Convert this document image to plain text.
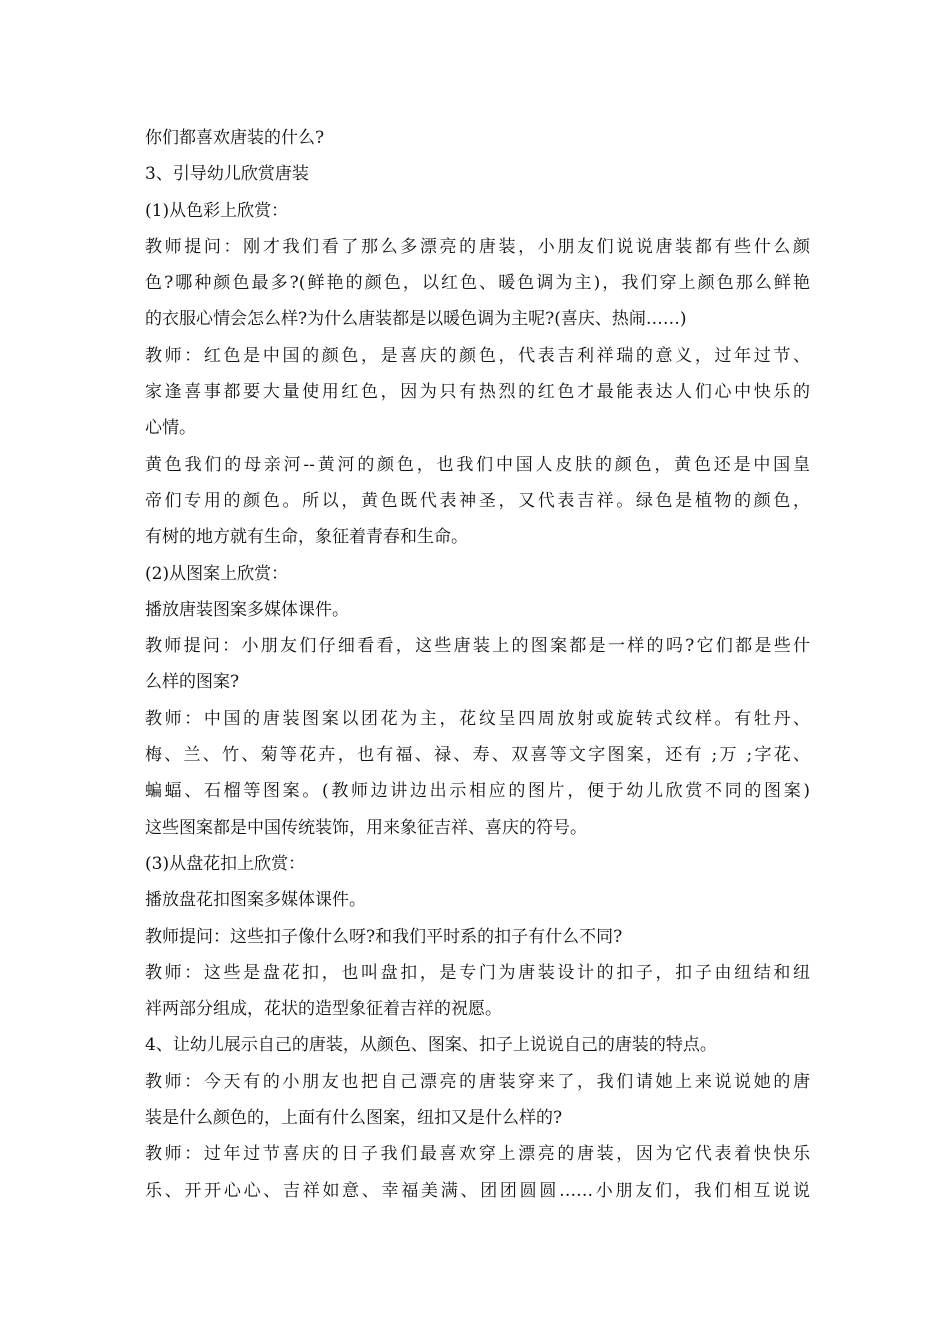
你们都喜欢唐装的什么?
3、引导幼儿欣赏唐装
(1)从色彩上欣赏：
教师提问：刚才我们看了那么多漂亮的唐装，小朋友们说说唐装都有些什么颜
色?哪种颜色最多?(鲜艳的颜色，以红色、暖色调为主)，我们穿上颜色那么鲜艳
的衣服心情会怎么样?为什么唐装都是以暖色调为主呢?(喜庆、热闹……)
教师：红色是中国的颜色，是喜庆的颜色，代表吉利祥瑞的意义，过年过节、
家逢喜事都要大量使用红色，因为只有热烈的红色才最能表达人们心中快乐的
心情。
黄色我们的母亲河--黄河的颜色，也我们中国人皮肤的颜色，黄色还是中国皇
帝们专用的颜色。所以，黄色既代表神圣，又代表吉祥。绿色是植物的颜色，
有树的地方就有生命，象征着青春和生命。
(2)从图案上欣赏：
播放唐装图案多媒体课件。
教师提问：小朋友们仔细看看，这些唐装上的图案都是一样的吗?它们都是些什
么样的图案?
教师：中国的唐装图案以团花为主，花纹呈四周放射或旋转式纹样。有牡丹、
梅、兰、竹、菊等花卉，也有福、禄、寿、双喜等文字图案，还有 ;万 ;字花、
蝙蝠、石榴等图案。(教师边讲边出示相应的图片，便于幼儿欣赏不同的图案)
这些图案都是中国传统装饰，用来象征吉祥、喜庆的符号。
(3)从盘花扣上欣赏：
播放盘花扣图案多媒体课件。
教师提问：这些扣子像什么呀?和我们平时系的扣子有什么不同?
教师：这些是盘花扣，也叫盘扣，是专门为唐装设计的扣子，扣子由纽结和纽
袢两部分组成，花状的造型象征着吉祥的祝愿。
4、让幼儿展示自己的唐装，从颜色、图案、扣子上说说自己的唐装的特点。
教师：今天有的小朋友也把自己漂亮的唐装穿来了，我们请她上来说说她的唐
装是什么颜色的，上面有什么图案，纽扣又是什么样的?
教师：过年过节喜庆的日子我们最喜欢穿上漂亮的唐装，因为它代表着快快乐
乐、开开心心、吉祥如意、幸福美满、团团圆圆……小朋友们，我们相互说说
